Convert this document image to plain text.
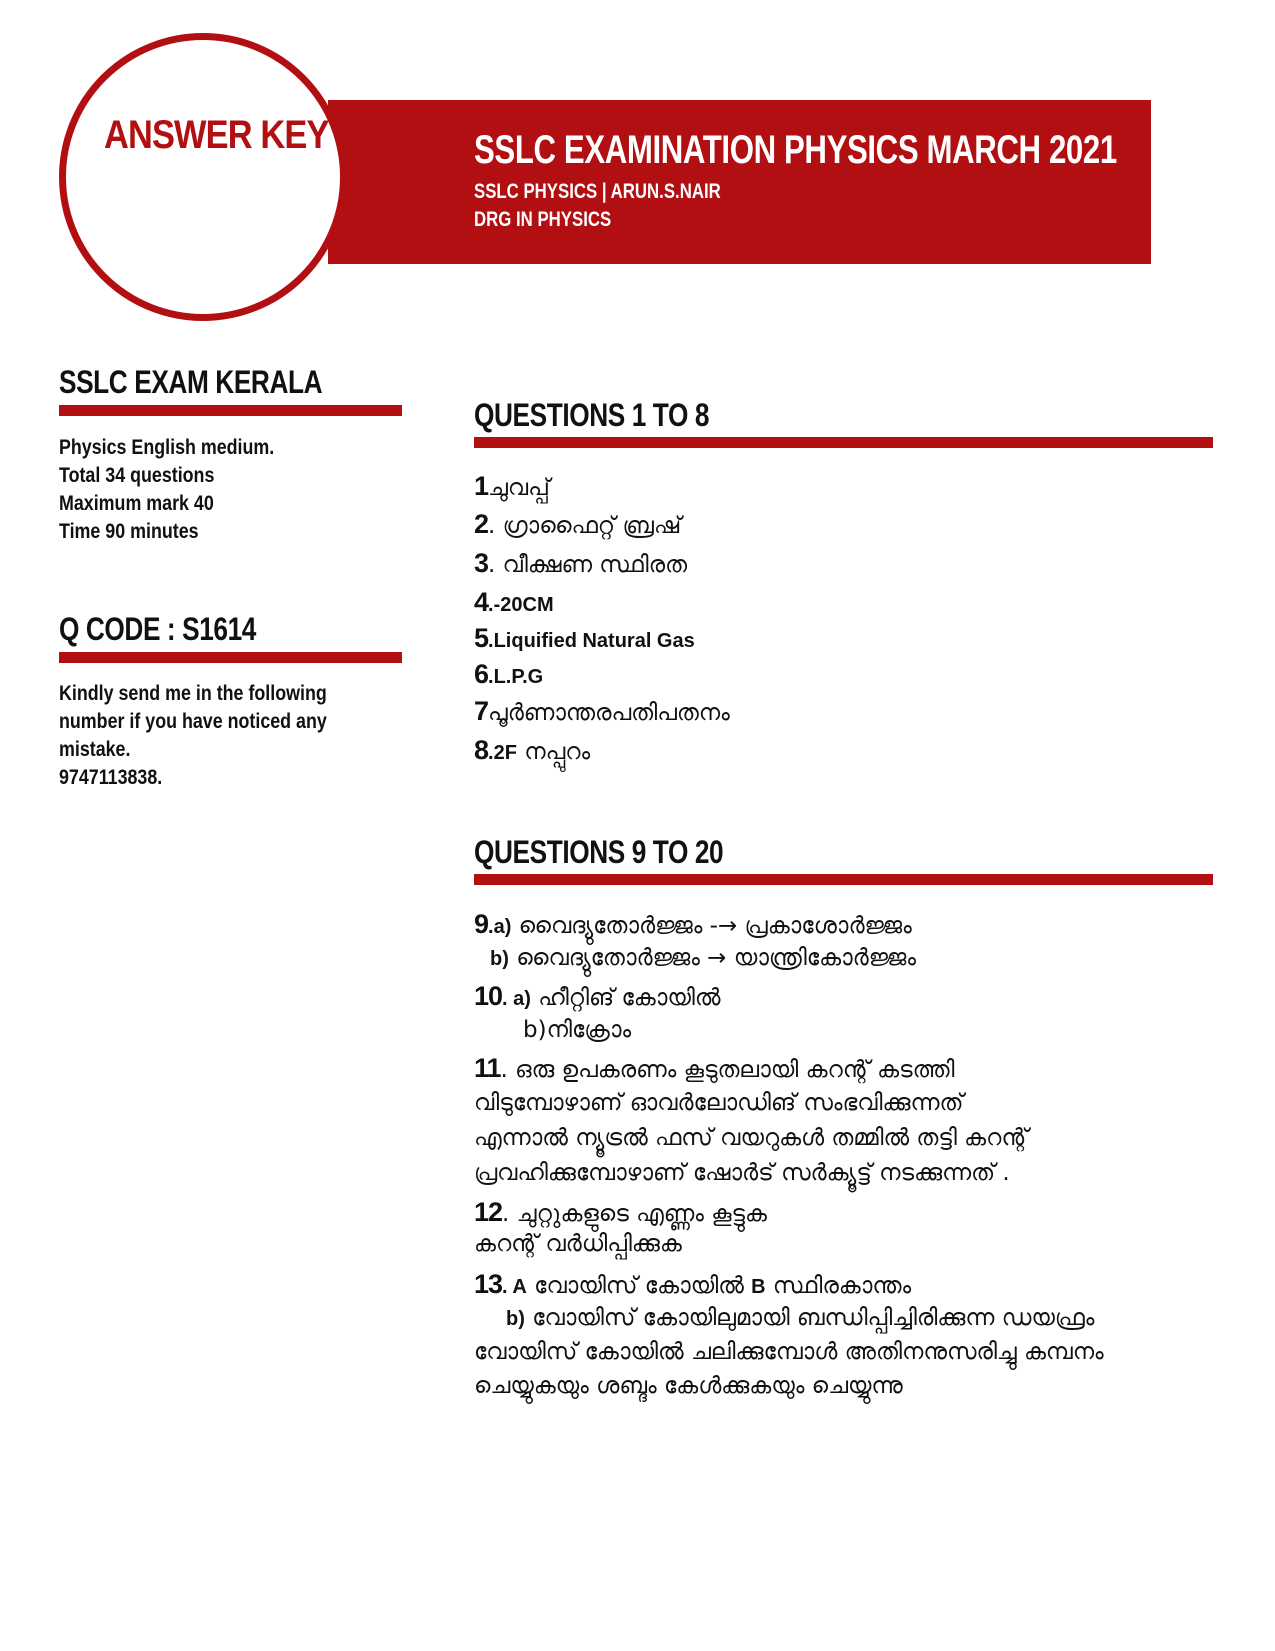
ANSWER KEY	SSLC EXAMINATION PHYSICS MARCH 2021
SSLC PHYSICS | ARUN.S.NAIR
DRG IN PHYSICS
SSLC EXAM KERALA
Physics English medium.
Total 34 questions
Maximum mark 40
Time 90 minutes
Q CODE : S1614
Kindly send me in the following
number if you have noticed any
mistake.
9747113838.
QUESTIONS 1 TO 8
1ചുവപ്പ്
2. ഗ്രാഫൈറ്റ് ബ്രഷ്
3. വീക്ഷണ സ്ഥിരത
4.-20CM
5.Liquified Natural Gas
6.L.P.G
7പൂർണാന്തരപതിപതനം
8.2F നപ്പുറം
QUESTIONS 9 TO 20
9.a) വൈദ്യുതോർജ്ജം -→ പ്രകാശോർജ്ജം
b) വൈദ്യുതോർജ്ജം → യാന്ത്രികോർജ്ജം
10. a) ഹീറ്റിങ് കോയിൽ
b)നിക്രോം
11. ഒരു ഉപകരണം കൂടുതലായി കറന്റ് കടത്തി
വിടുമ്പോഴാണ് ഓവർലോഡിങ് സംഭവിക്കുന്നത്
എന്നാൽ ന്യൂട്രൽ ഫസ് വയറുകൾ തമ്മിൽ തട്ടി കറന്റ്
പ്രവഹിക്കുമ്പോഴാണ് ഷോർട് സർക്യൂട്ട് നടക്കുന്നത് .
12. ചുറ്റുകളുടെ എണ്ണം കൂട്ടുക
കറന്റ് വർധിപ്പിക്കുക
13. A വോയിസ് കോയിൽ B സ്ഥിരകാന്തം
b) വോയിസ് കോയിലുമായി ബന്ധിപ്പിച്ചിരിക്കുന്ന ഡയഫ്രം
വോയിസ് കോയിൽ ചലിക്കുമ്പോൾ അതിനനുസരിച്ചു കമ്പനം
ചെയ്യുകയും ശബ്ദം കേൾക്കുകയും ചെയ്യുന്നു
